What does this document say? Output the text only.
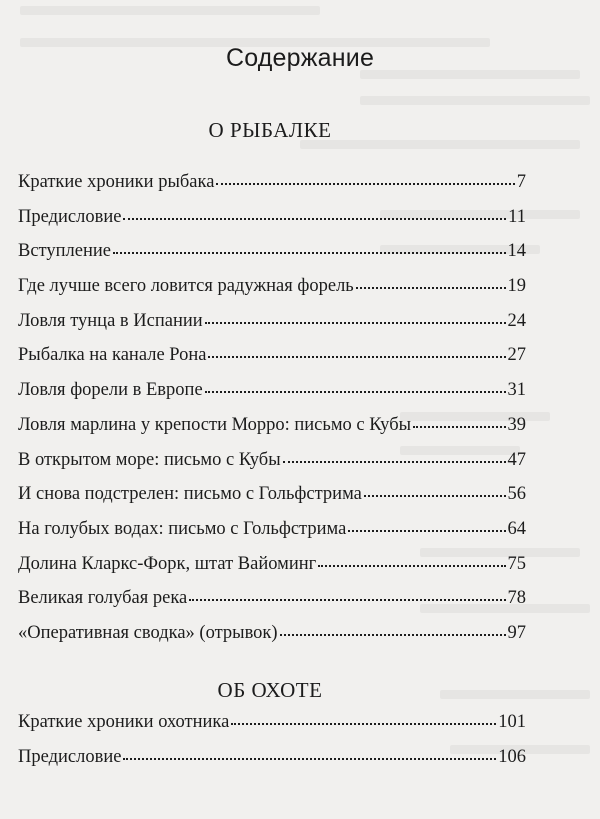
Содержание
О РЫБАЛКЕ
Краткие хроники рыбака	7
Предисловие	11
Вступление	14
Где лучше всего ловится радужная форель	19
Ловля тунца в Испании	24
Рыбалка на канале Рона	27
Ловля форели в Европе	31
Ловля марлина у крепости Морро: письмо с Кубы	39
В открытом море: письмо с Кубы	47
И снова подстрелен: письмо с Гольфстрима	56
На голубых водах: письмо с Гольфстрима	64
Долина Кларкс-Форк, штат Вайоминг	75
Великая голубая река	78
«Оперативная сводка» (отрывок)	97
ОБ ОХОТЕ
Краткие хроники охотника	101
Предисловие	106
